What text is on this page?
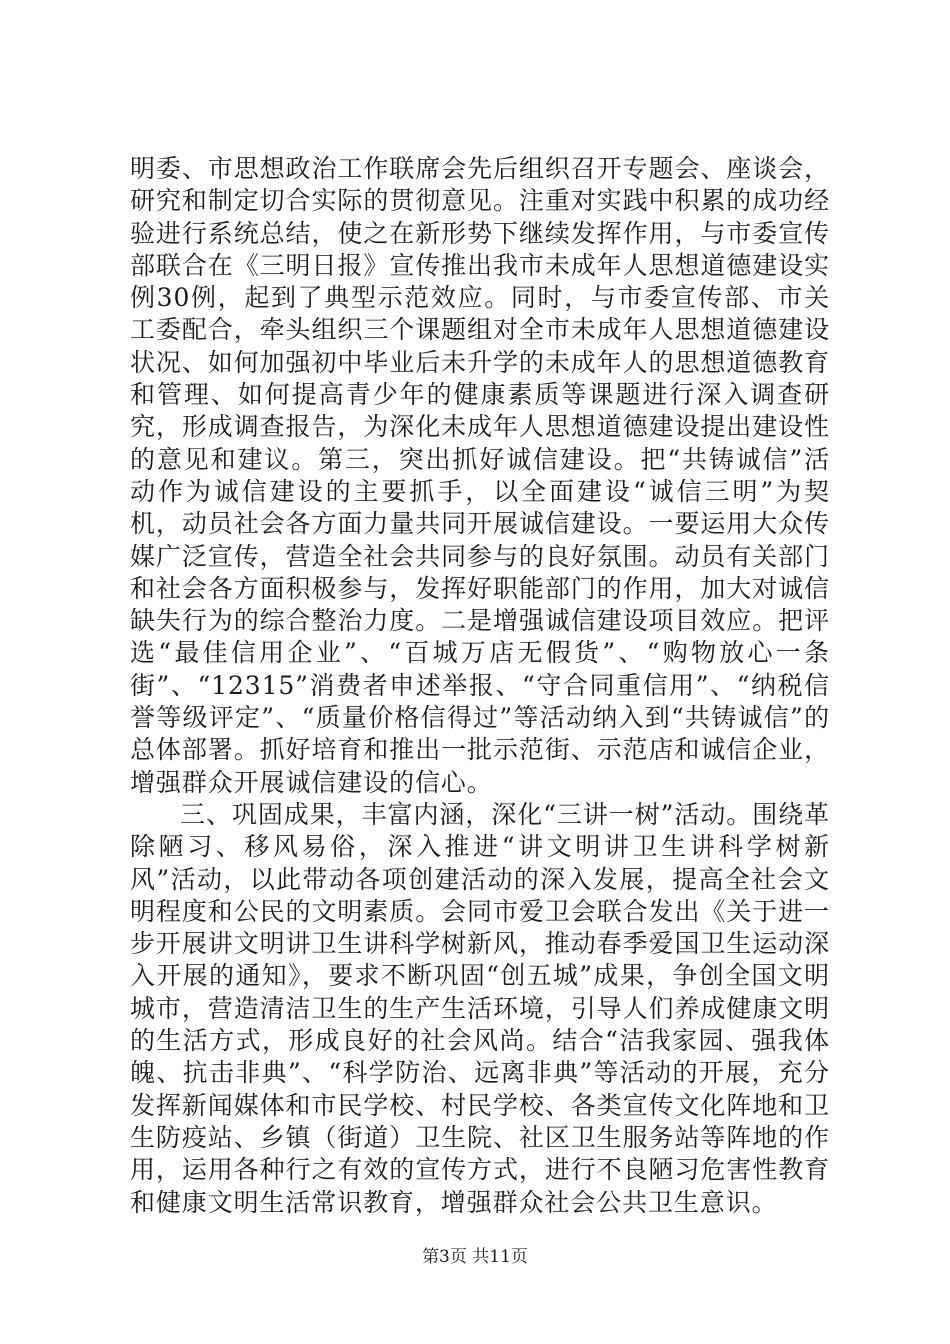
明委、市思想政治工作联席会先后组织召开专题会、座谈会，研究和制定切合实际的贯彻意见。注重对实践中积累的成功经验进行系统总结，使之在新形势下继续发挥作用，与市委宣传部联合在《三明日报》宣传推出我市未成年人思想道德建设实例30例，起到了典型示范效应。同时，与市委宣传部、市关工委配合，牵头组织三个课题组对全市未成年人思想道德建设状况、如何加强初中毕业后未升学的未成年人的思想道德教育和管理、如何提高青少年的健康素质等课题进行深入调查研究，形成调查报告，为深化未成年人思想道德建设提出建设性的意见和建议。第三，突出抓好诚信建设。把“共铸诚信”活动作为诚信建设的主要抓手，以全面建设“诚信三明”为契机，动员社会各方面力量共同开展诚信建设。一要运用大众传媒广泛宣传，营造全社会共同参与的良好氛围。动员有关部门和社会各方面积极参与，发挥好职能部门的作用，加大对诚信缺失行为的综合整治力度。二是增强诚信建设项目效应。把评选“最佳信用企业”、“百城万店无假货”、“购物放心一条街”、“12315”消费者申述举报、“守合同重信用”、“纳税信誉等级评定”、“质量价格信得过”等活动纳入到“共铸诚信”的总体部署。抓好培育和推出一批示范街、示范店和诚信企业，增强群众开展诚信建设的信心。

三、巩固成果，丰富内涵，深化“三讲一树”活动。围绕革除陋习、移风易俗，深入推进“讲文明讲卫生讲科学树新风”活动，以此带动各项创建活动的深入发展，提高全社会文明程度和公民的文明素质。会同市爱卫会联合发出《关于进一步开展讲文明讲卫生讲科学树新风，推动春季爱国卫生运动深入开展的通知》，要求不断巩固“创五城”成果，争创全国文明城市，营造清洁卫生的生产生活环境，引导人们养成健康文明的生活方式，形成良好的社会风尚。结合“洁我家园、强我体魄、抗击非典”、“科学防治、远离非典”等活动的开展，充分发挥新闻媒体和市民学校、村民学校、各类宣传文化阵地和卫生防疫站、乡镇（街道）卫生院、社区卫生服务站等阵地的作用，运用各种行之有效的宣传方式，进行不良陋习危害性教育和健康文明生活常识教育，增强群众社会公共卫生意识。

第3页 共11页
